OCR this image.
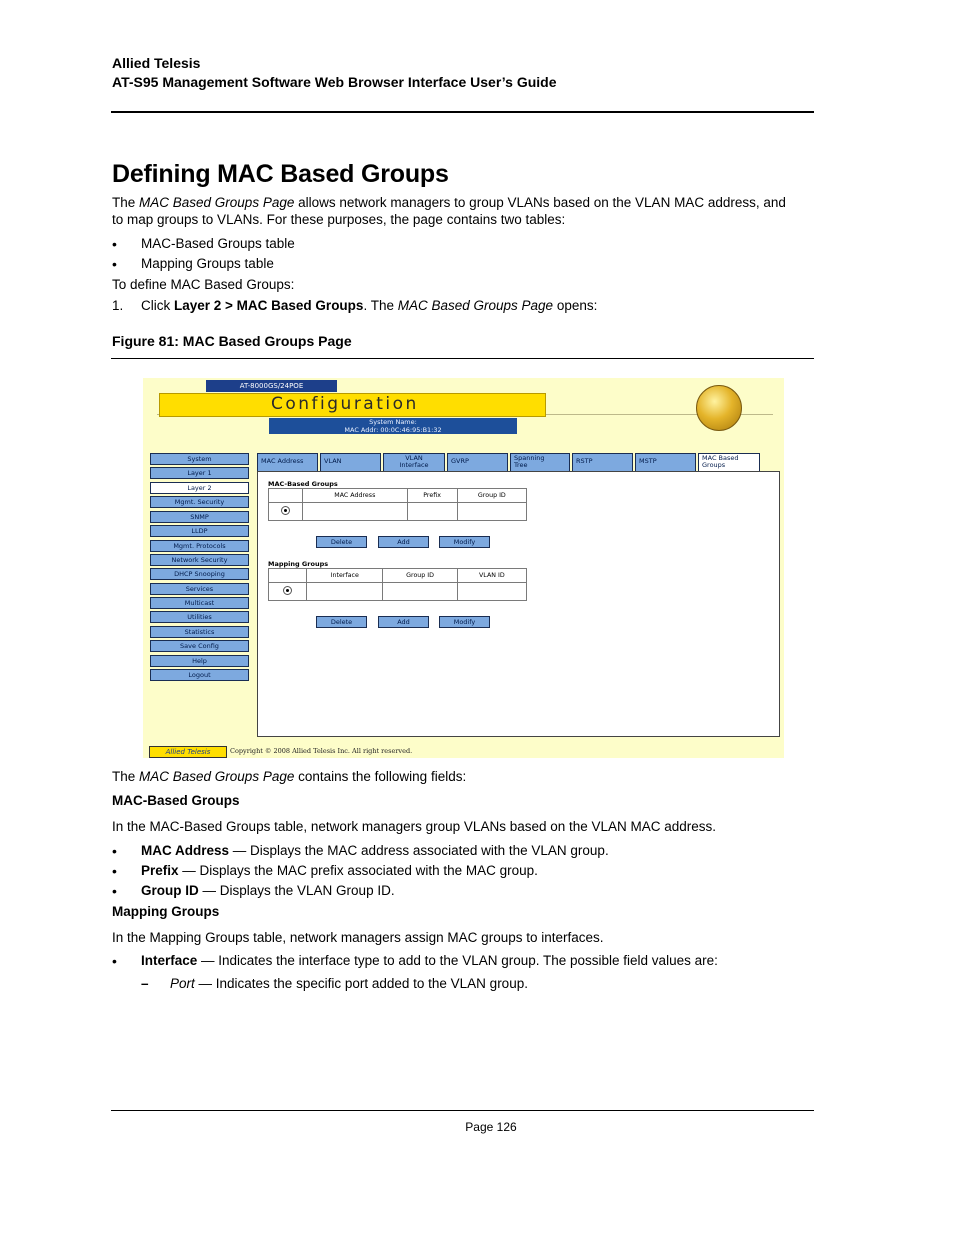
Allied Telesis
AT-S95 Management Software Web Browser Interface User’s Guide
Defining MAC Based Groups
The MAC Based Groups Page allows network managers to group VLANs based on the VLAN MAC address, and
to map groups to VLANs. For these purposes, the page contains two tables:
• MAC-Based Groups table
• Mapping Groups table
To define MAC Based Groups:
1. Click Layer 2 > MAC Based Groups. The MAC Based Groups Page opens:
Figure 81: MAC Based Groups Page
AT-8000GS/24POE
Configuration
System Name:
MAC Addr: 00:0C:46:95:B1:32
System
Layer 1
Layer 2
Mgmt. Security
SNMP
LLDP
Mgmt. Protocols
Network Security
DHCP Snooping
Services
Multicast
Utilities
Statistics
Save Config
Help
Logout
MAC Address	VLAN	VLAN
Interface	GVRP	Spanning
Tree	RSTP	MSTP	MAC Based
Groups
MAC-Based Groups
	MAC Address	Prefix	Group ID

Delete	Add	Modify
Mapping Groups
	Interface	Group ID	VLAN ID

Delete	Add	Modify
Allied Telesis	Copyright © 2008 Allied Telesis Inc. All right reserved.
The MAC Based Groups Page contains the following fields:
MAC-Based Groups
In the MAC-Based Groups table, network managers group VLANs based on the VLAN MAC address.
• MAC Address — Displays the MAC address associated with the VLAN group.
• Prefix — Displays the MAC prefix associated with the MAC group.
• Group ID — Displays the VLAN Group ID.
Mapping Groups
In the Mapping Groups table, network managers assign MAC groups to interfaces.
• Interface — Indicates the interface type to add to the VLAN group. The possible field values are:
– Port — Indicates the specific port added to the VLAN group.
Page 126
